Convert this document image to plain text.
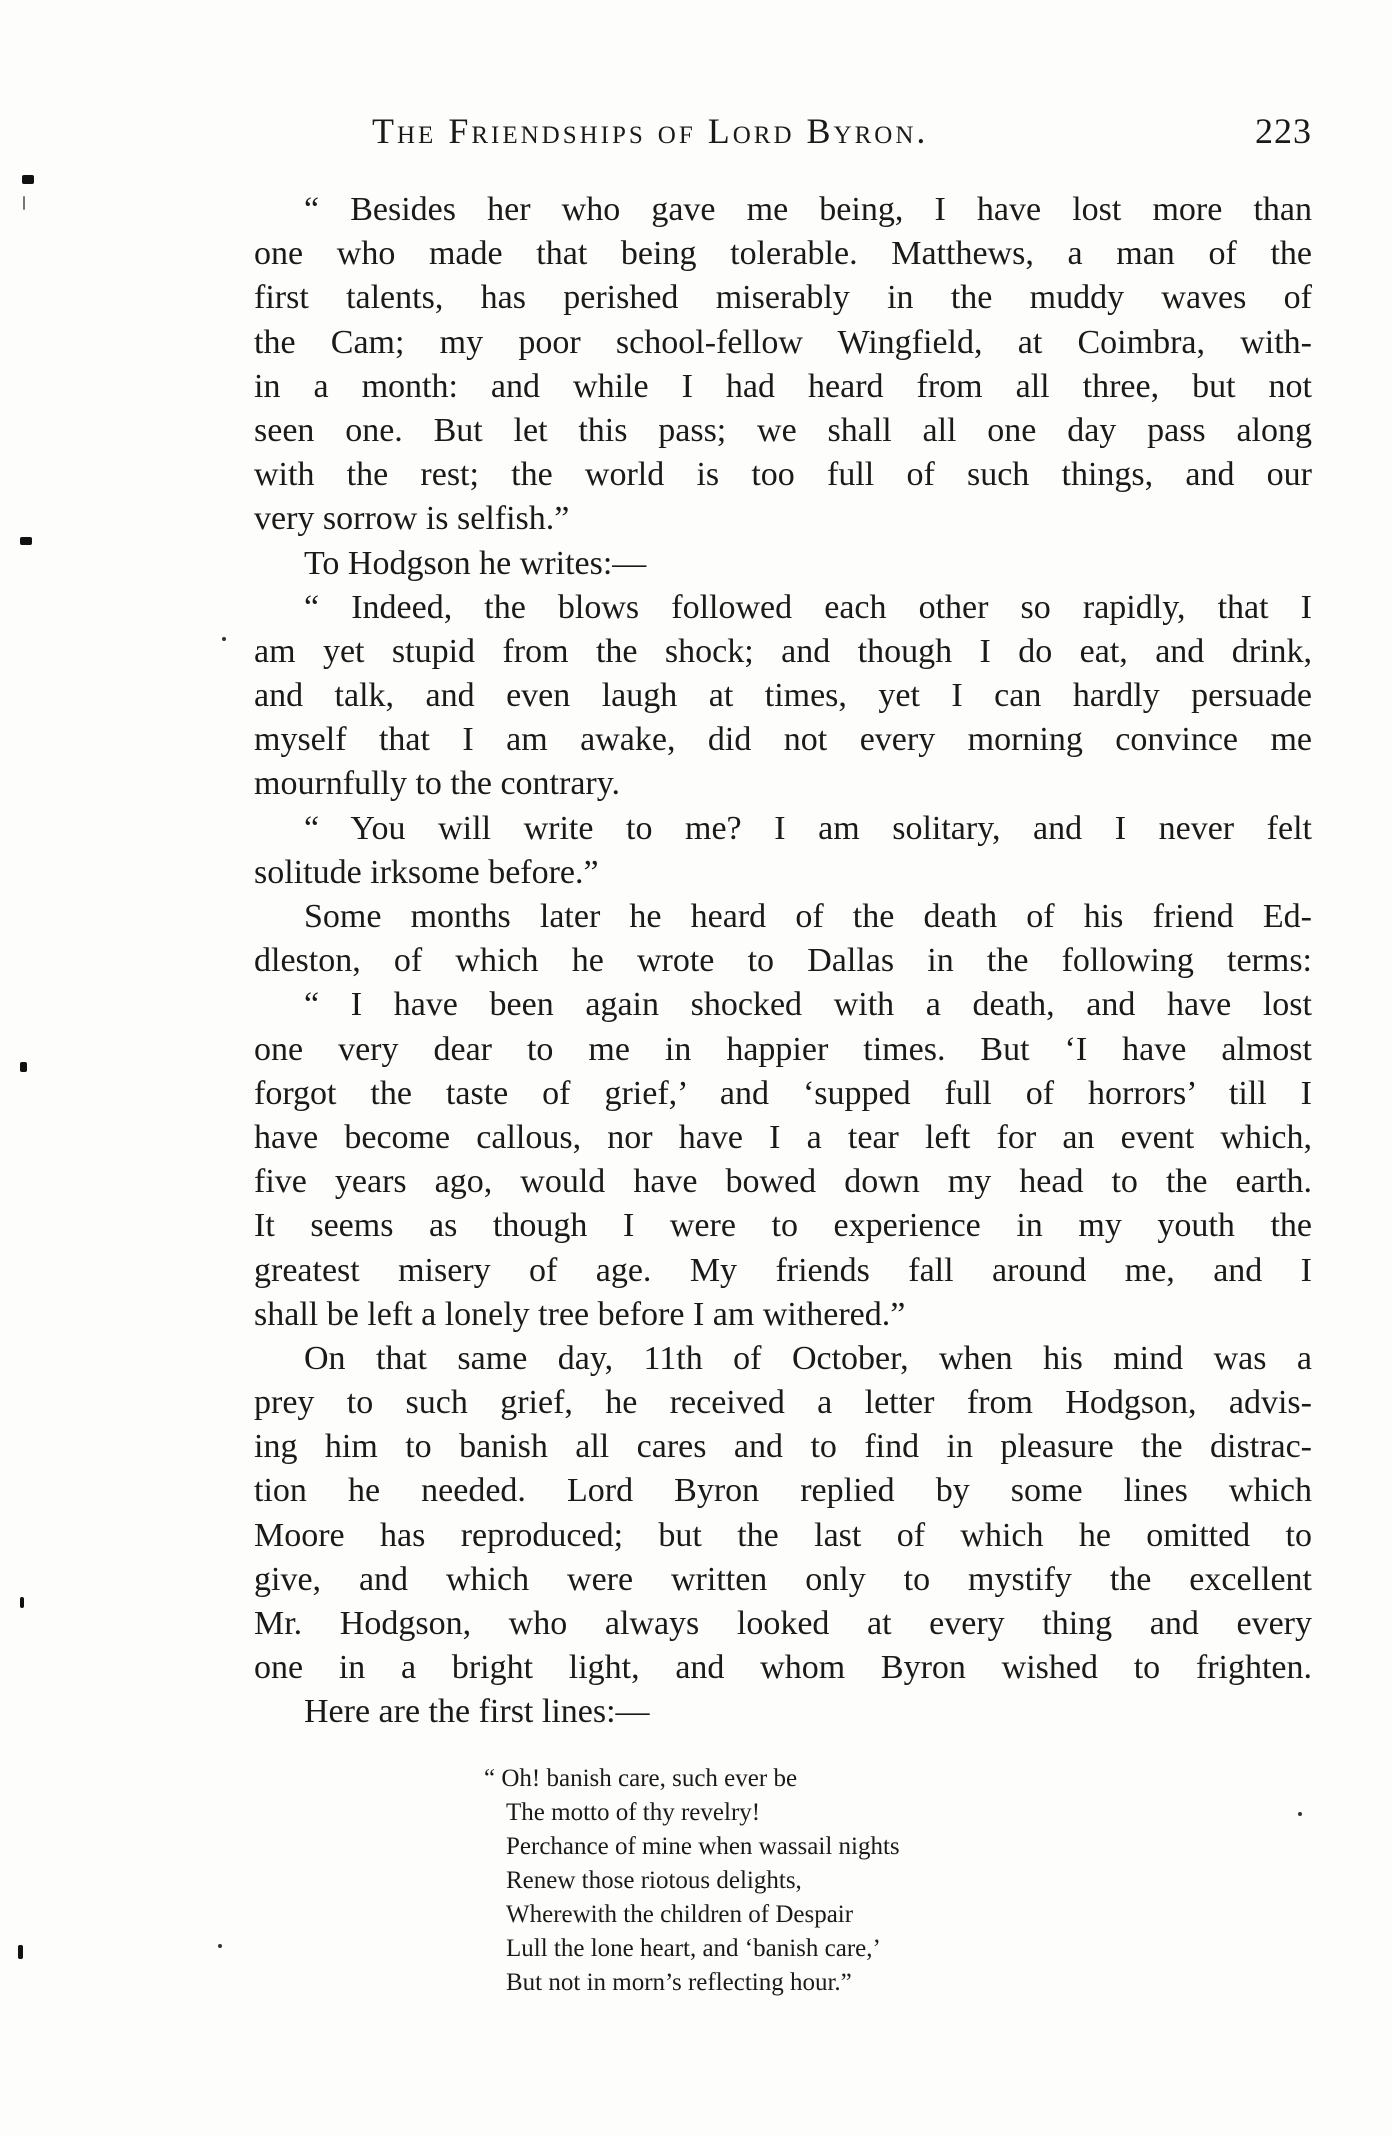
The Friendships of Lord Byron.	223
“ Besides her who gave me being, I have lost more than
one who made that being tolerable. Matthews, a man of the
first talents, has perished miserably in the muddy waves of
the Cam; my poor school-fellow Wingfield, at Coimbra, with-
in a month: and while I had heard from all three, but not
seen one. But let this pass; we shall all one day pass along
with the rest; the world is too full of such things, and our
very sorrow is selfish.”
To Hodgson he writes:—
“ Indeed, the blows followed each other so rapidly, that I
am yet stupid from the shock; and though I do eat, and drink,
and talk, and even laugh at times, yet I can hardly persuade
myself that I am awake, did not every morning convince me
mournfully to the contrary.
“ You will write to me? I am solitary, and I never felt
solitude irksome before.”
Some months later he heard of the death of his friend Ed-
dleston, of which he wrote to Dallas in the following terms:
“ I have been again shocked with a death, and have lost
one very dear to me in happier times. But ‘I have almost
forgot the taste of grief,’ and ‘supped full of horrors’ till I
have become callous, nor have I a tear left for an event which,
five years ago, would have bowed down my head to the earth.
It seems as though I were to experience in my youth the
greatest misery of age. My friends fall around me, and I
shall be left a lonely tree before I am withered.”
On that same day, 11th of October, when his mind was a
prey to such grief, he received a letter from Hodgson, advis-
ing him to banish all cares and to find in pleasure the distrac-
tion he needed. Lord Byron replied by some lines which
Moore has reproduced; but the last of which he omitted to
give, and which were written only to mystify the excellent
Mr. Hodgson, who always looked at every thing and every
one in a bright light, and whom Byron wished to frighten.
Here are the first lines:—
“ Oh! banish care, such ever be
The motto of thy revelry!
Perchance of mine when wassail nights
Renew those riotous delights,
Wherewith the children of Despair
Lull the lone heart, and ‘banish care,’
But not in morn’s reflecting hour.”
